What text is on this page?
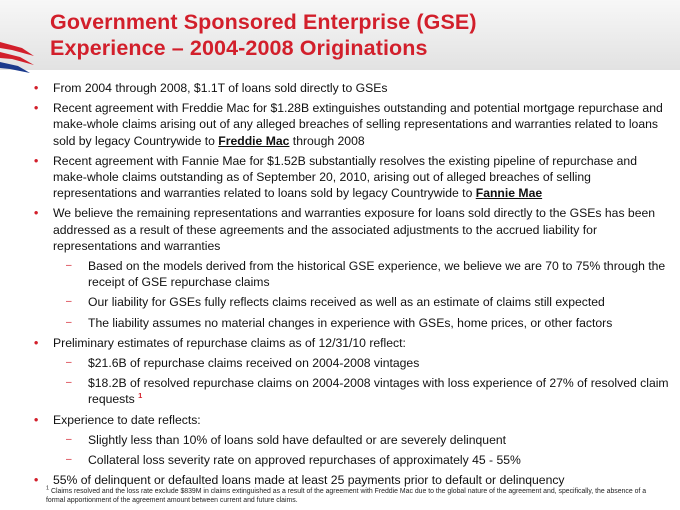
Government Sponsored Enterprise (GSE)
Experience – 2004-2008 Originations

• From 2004 through 2008, $1.1T of loans sold directly to GSEs

• Recent agreement with Freddie Mac for $1.28B extinguishes outstanding and potential mortgage repurchase and make-whole claims arising out of any alleged breaches of selling representations and warranties related to loans sold by legacy Countrywide to Freddie Mac through 2008

• Recent agreement with Fannie Mae for $1.52B substantially resolves the existing pipeline of repurchase and make-whole claims outstanding as of September 20, 2010, arising out of alleged breaches of selling representations and warranties related to loans sold by legacy Countrywide to Fannie Mae

• We believe the remaining representations and warranties exposure for loans sold directly to the GSEs has been addressed as a result of these agreements and the associated adjustments to the accrued liability for representations and warranties

– Based on the models derived from the historical GSE experience, we believe we are 70 to 75% through the receipt of GSE repurchase claims

– Our liability for GSEs fully reflects claims received as well as an estimate of claims still expected

– The liability assumes no material changes in experience with GSEs, home prices, or other factors

• Preliminary estimates of repurchase claims as of 12/31/10 reflect:

– $21.6B of repurchase claims received on 2004-2008 vintages

– $18.2B of resolved repurchase claims on 2004-2008 vintages with loss experience of 27% of resolved claim requests $^1$

• Experience to date reflects:

– Slightly less than 10% of loans sold have defaulted or are severely delinquent

– Collateral loss severity rate on approved repurchases of approximately 45 - 55%

• 55% of delinquent or defaulted loans made at least 25 payments prior to default or delinquency

$^1$ Claims resolved and the loss rate exclude $839M in claims extinguished as a result of the agreement with Freddie Mac due to the global nature of the agreement and, specifically, the absence of a formal apportionment of the agreement amount between current and future claims.
